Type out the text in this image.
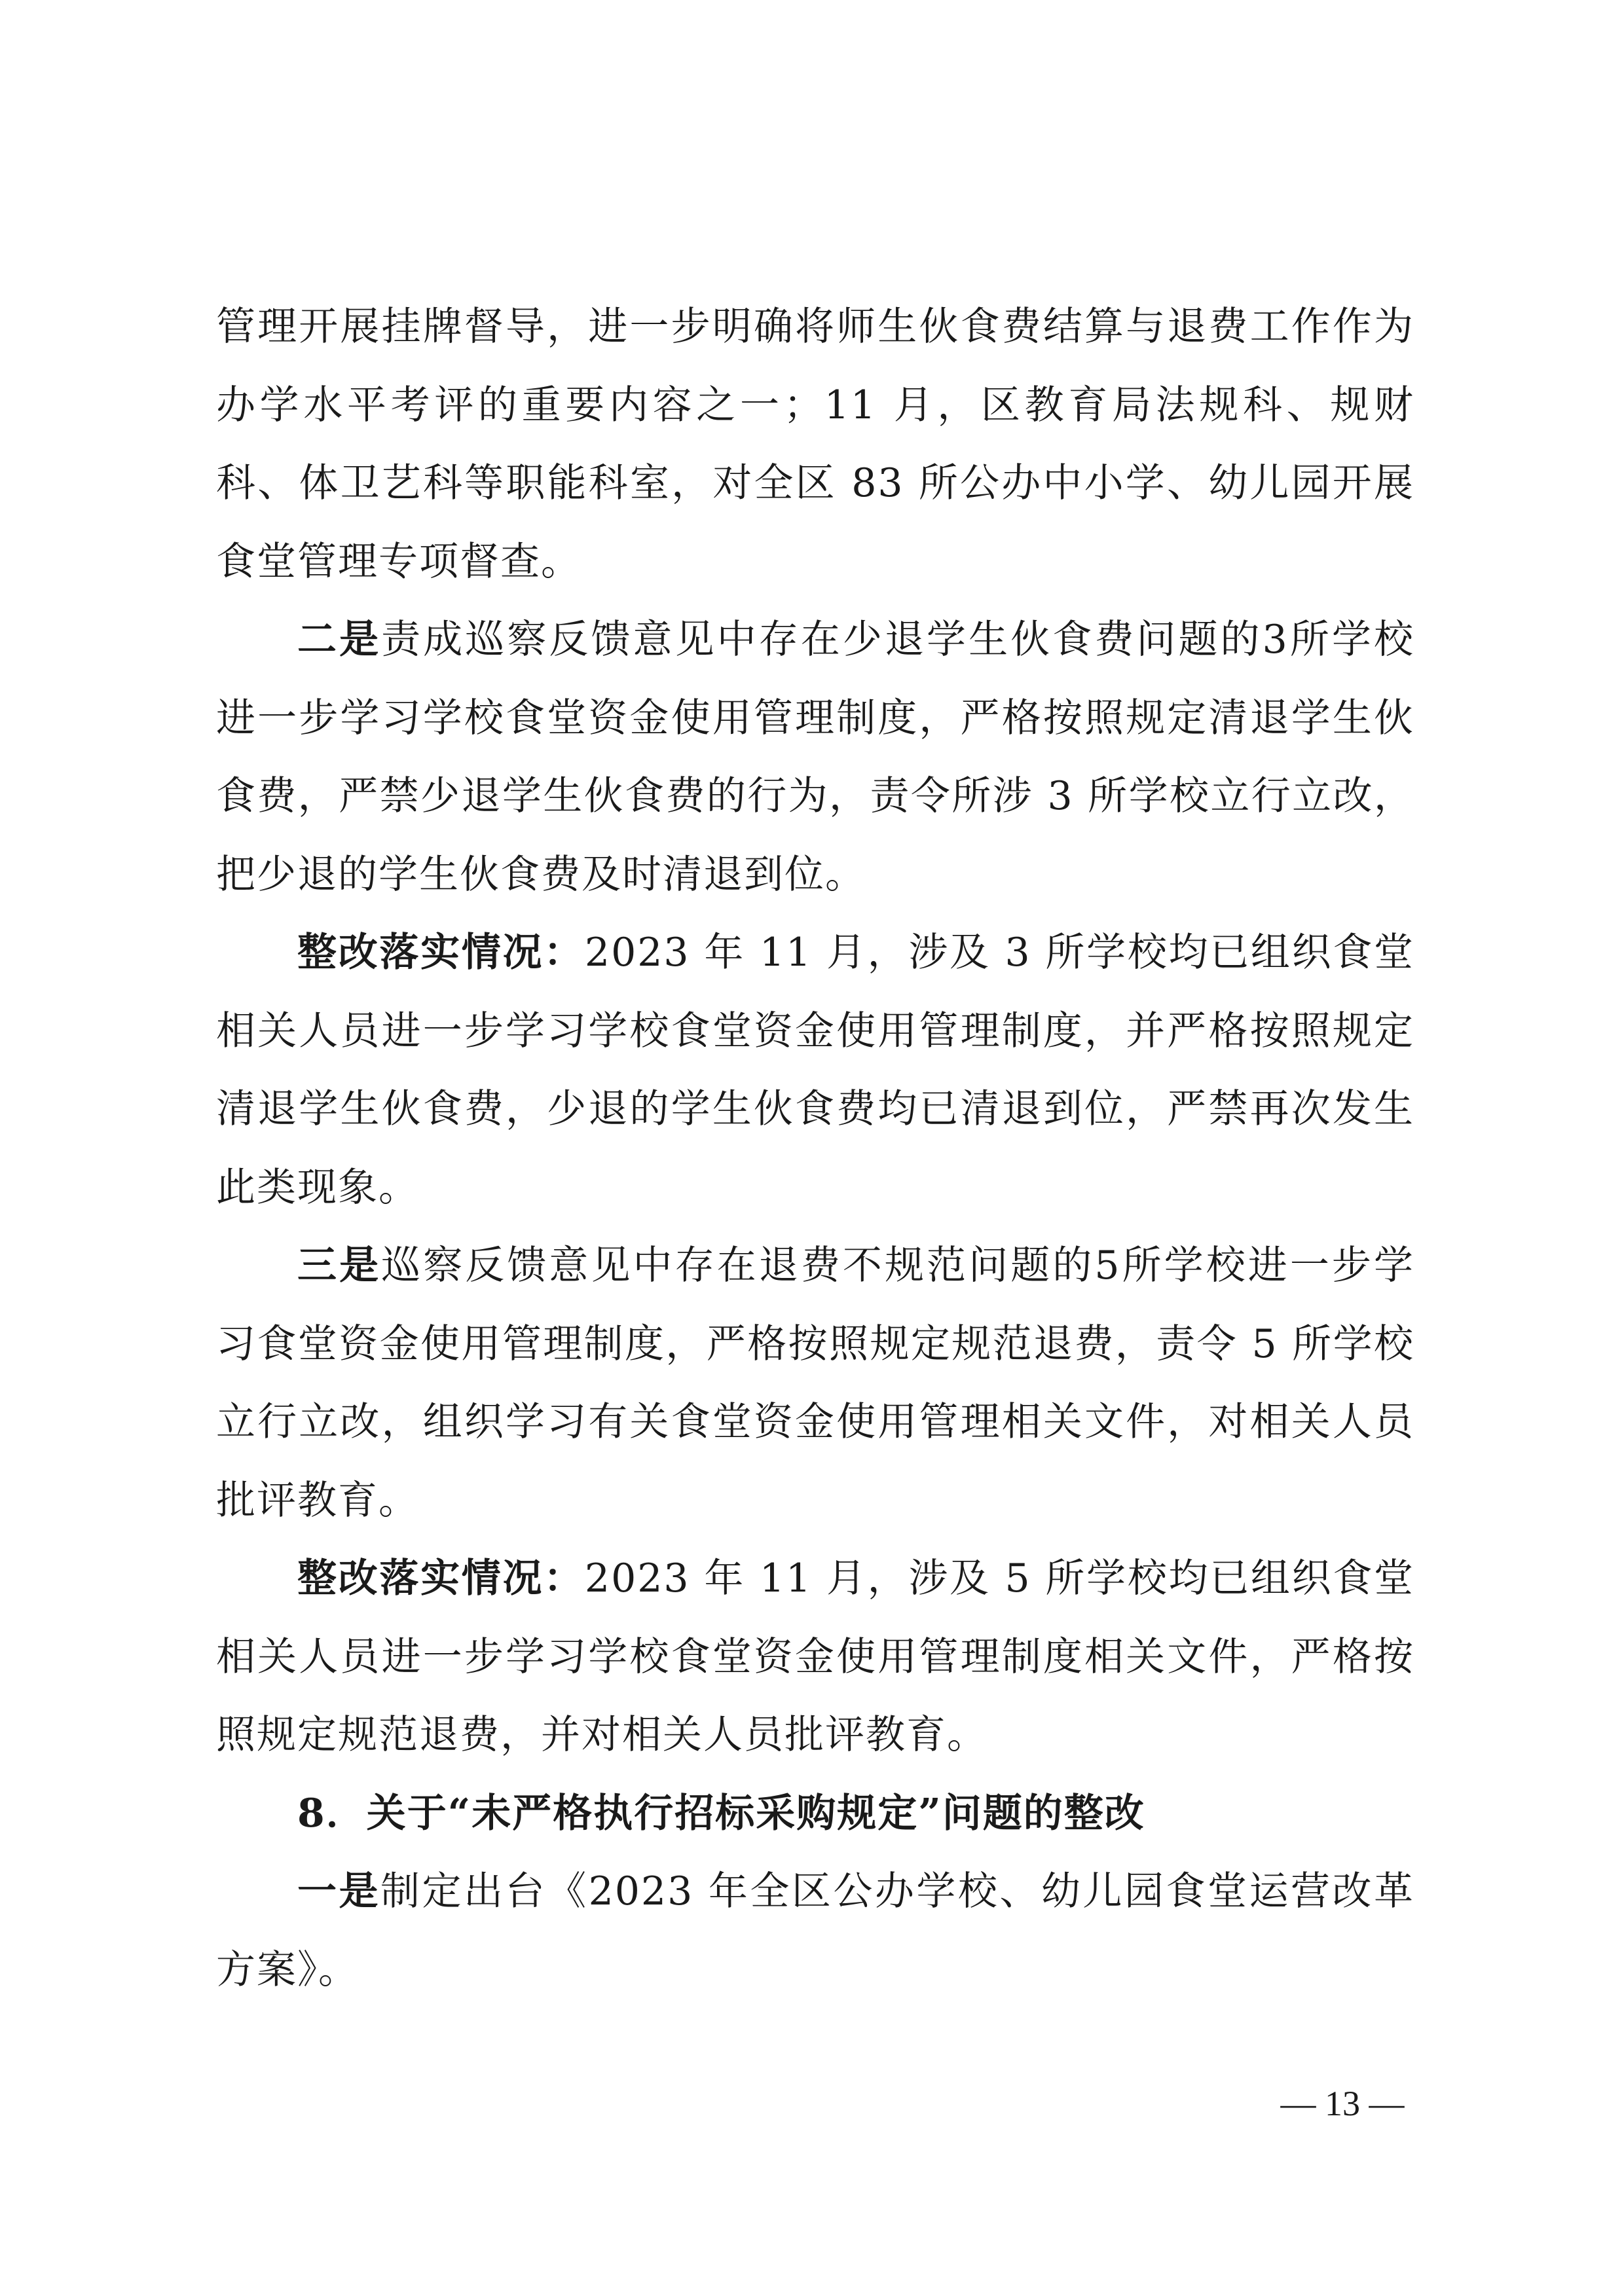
管理开展挂牌督导，进一步明确将师生伙食费结算与退费工作作为办学水平考评的重要内容之一；11 月，区教育局法规科、规财科、体卫艺科等职能科室，对全区 83 所公办中小学、幼儿园开展食堂管理专项督查。

二是责成巡察反馈意见中存在少退学生伙食费问题的3所学校进一步学习学校食堂资金使用管理制度，严格按照规定清退学生伙食费，严禁少退学生伙食费的行为，责令所涉 3 所学校立行立改，把少退的学生伙食费及时清退到位。

整改落实情况：2023 年 11 月，涉及 3 所学校均已组织食堂相关人员进一步学习学校食堂资金使用管理制度，并严格按照规定清退学生伙食费，少退的学生伙食费均已清退到位，严禁再次发生此类现象。

三是巡察反馈意见中存在退费不规范问题的5所学校进一步学习食堂资金使用管理制度，严格按照规定规范退费，责令 5 所学校立行立改，组织学习有关食堂资金使用管理相关文件，对相关人员批评教育。

整改落实情况：2023 年 11 月，涉及 5 所学校均已组织食堂相关人员进一步学习学校食堂资金使用管理制度相关文件，严格按照规定规范退费，并对相关人员批评教育。

8．关于“未严格执行招标采购规定”问题的整改

一是制定出台《2023 年全区公办学校、幼儿园食堂运营改革方案》。

— 13 —
